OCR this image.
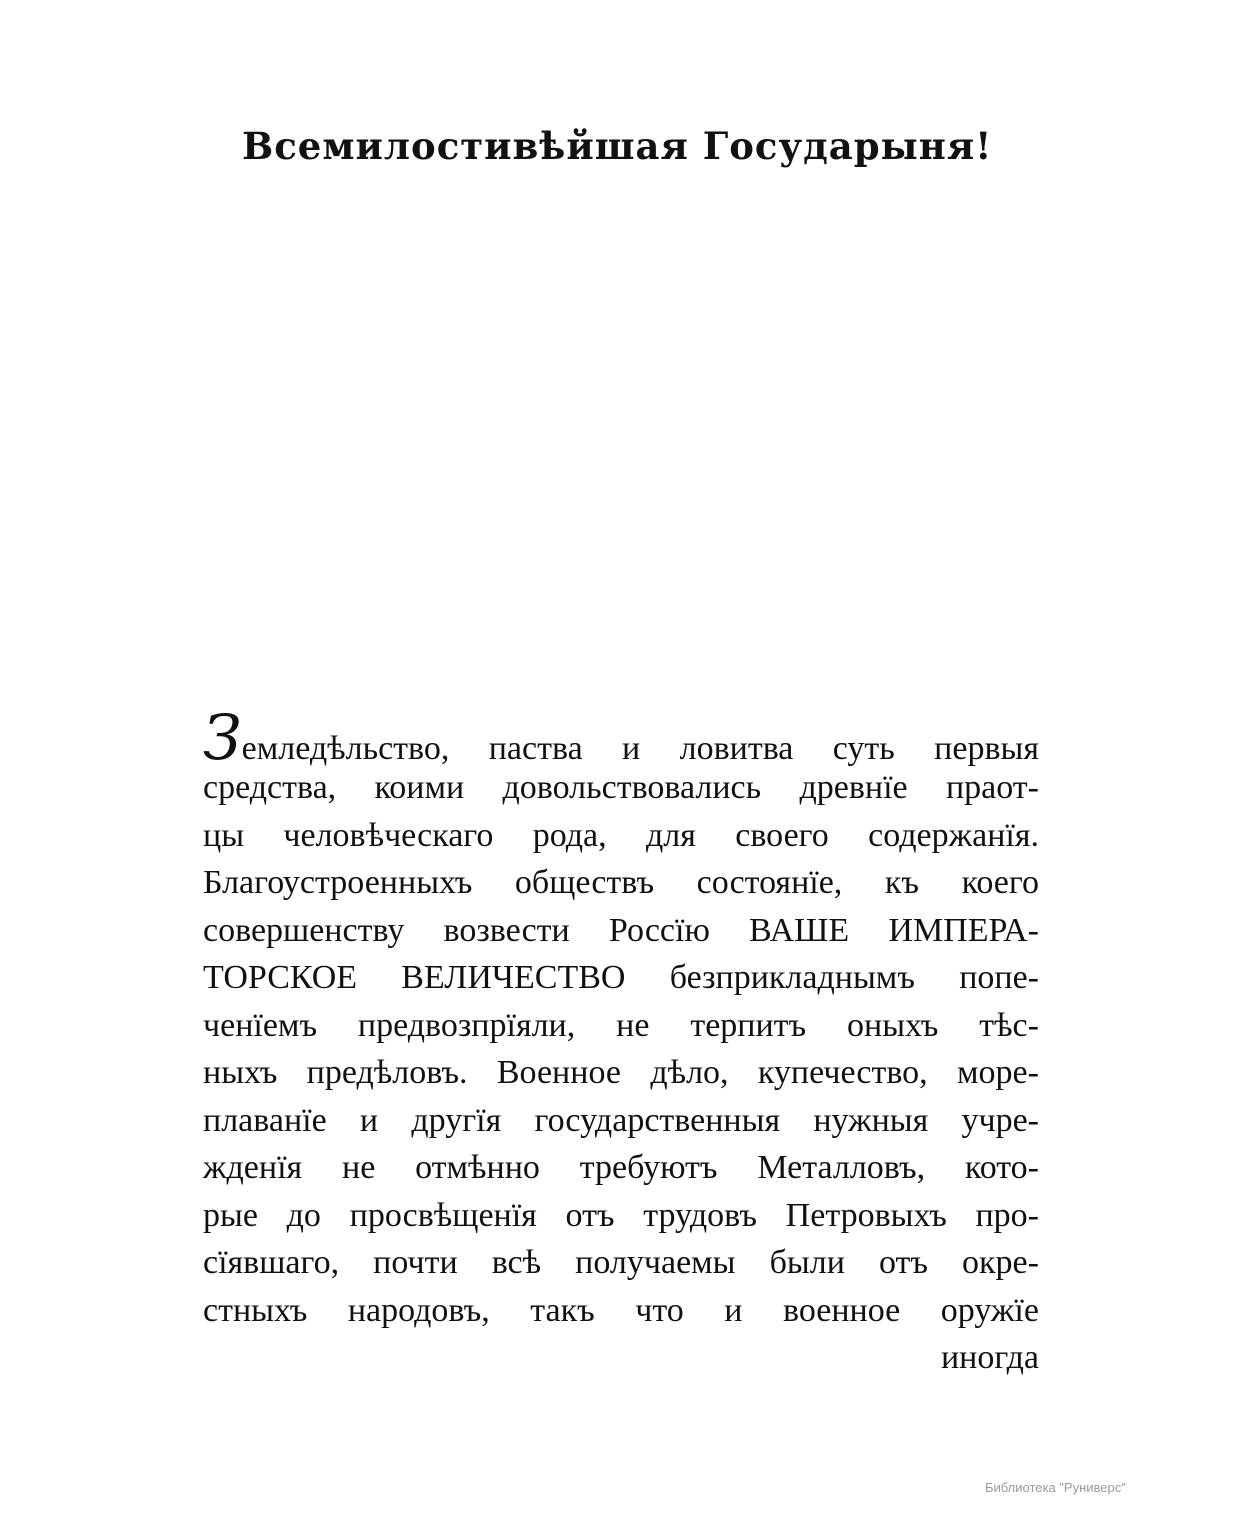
Всемилостивѣйшая Государыня!
Земледѣльство, паства и ловитва суть первыя
средства, коими довольствовались древнїе праот-
цы человѣческаго рода, для своего содержанїя.
Благоустроенныхъ обществъ состоянїе, къ коего
совершенству возвести Россїю ВАШЕ ИМПЕРА-
ТОРСКОЕ ВЕЛИЧЕСТВО безприкладнымъ попе-
ченїемъ предвозпрїяли, не терпитъ оныхъ тѣс-
ныхъ предѣловъ. Военное дѣло, купечество, море-
плаванїе и другїя государственныя нужныя учре-
жденїя не отмѣнно требуютъ Металловъ, кото-
рые до просвѣщенїя отъ трудовъ Петровыхъ про-
сїявшаго, почти всѣ получаемы были отъ окре-
стныхъ народовъ, такъ что и военное оружїе
иногда
Библиотека "Руниверс"
